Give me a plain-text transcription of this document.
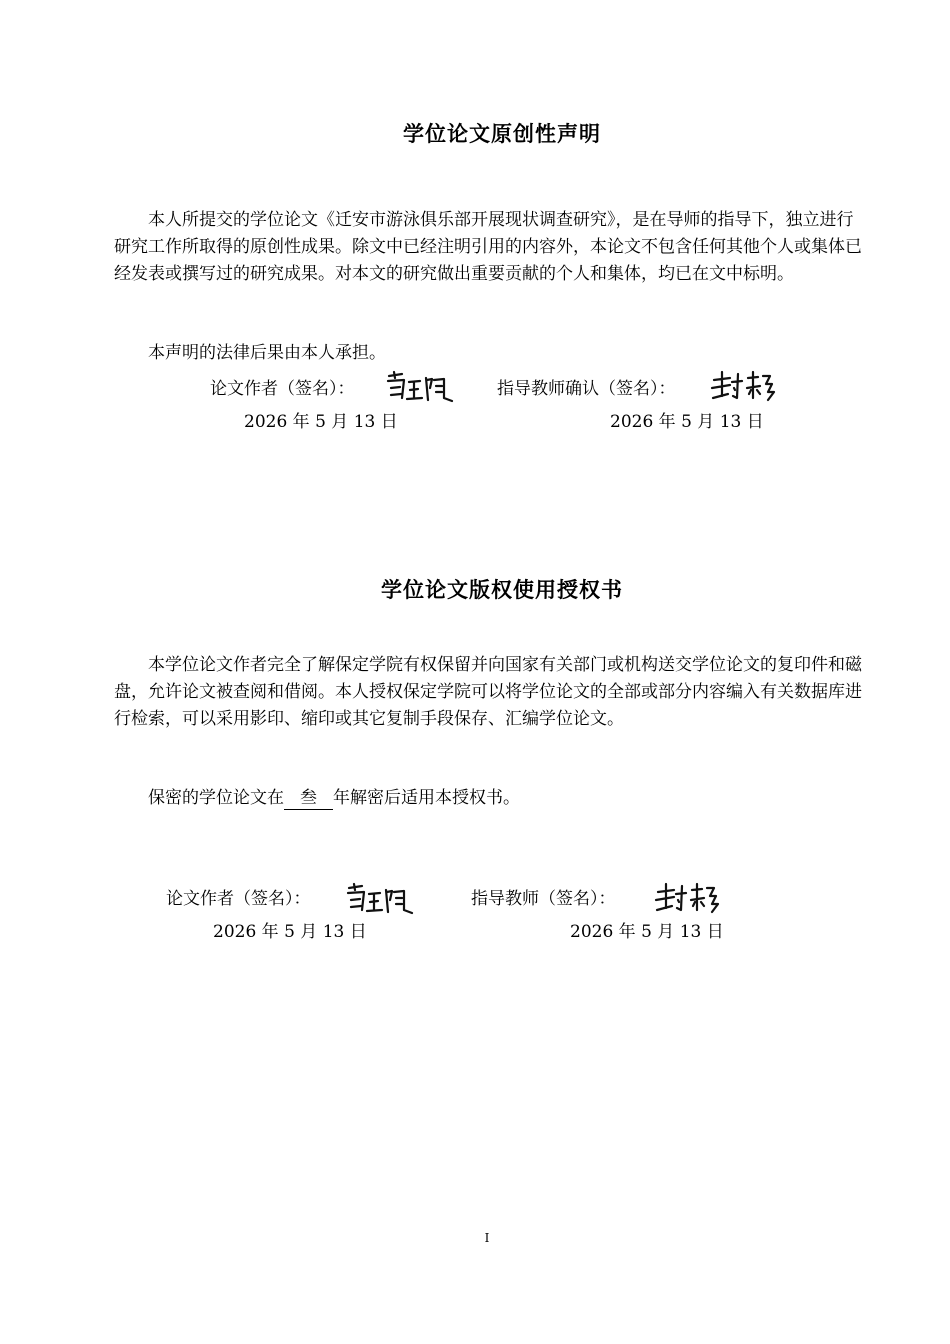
学位论文原创性声明
本人所提交的学位论文《迁安市游泳俱乐部开展现状调查研究》，是在导师的指导下，独立进行研究工作所取得的原创性成果。除文中已经注明引用的内容外，本论文不包含任何其他个人或集体已经发表或撰写过的研究成果。对本文的研究做出重要贡献的个人和集体，均已在文中标明。
本声明的法律后果由本人承担。
论文作者（签名）：	指导教师确认（签名）：
2026 年 5 月 13 日	2026 年 5 月 13 日
学位论文版权使用授权书
本学位论文作者完全了解保定学院有权保留并向国家有关部门或机构送交学位论文的复印件和磁盘，允许论文被查阅和借阅。本人授权保定学院可以将学位论文的全部或部分内容编入有关数据库进行检索，可以采用影印、缩印或其它复制手段保存、汇编学位论文。
保密的学位论文在 叁 年解密后适用本授权书。
论文作者（签名）：	指导教师（签名）：
2026 年 5 月 13 日	2026 年 5 月 13 日
I
